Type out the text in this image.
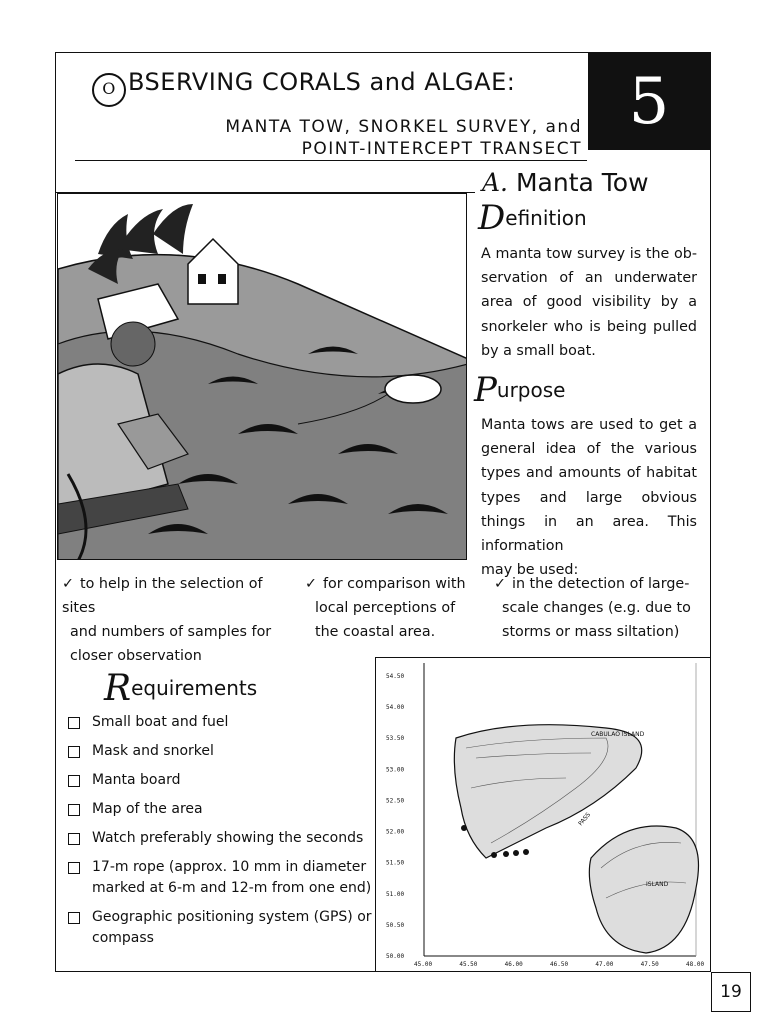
O BSERVING CORALS and ALGAE:
MANTA TOW, SNORKEL SURVEY, and
POINT-INTERCEPT TRANSECT
5
A. Manta Tow
Definition
A manta tow survey is the ob- servation of an underwater area of good visibility by a snorkeler who is being pulled
by a small boat.
Purpose
Manta tows are used to get a general idea of the various types and amounts of habitat types and large obvious things in an area. This information
may be used:
✓ to help in the selection of sites
and numbers of samples for
closer observation
✓ for comparison with
local perceptions of
the coastal area.
✓ in the detection of large-
scale changes (e.g. due to
storms or mass siltation)
Requirements
Small boat and fuel
Mask and snorkel
Manta board
Map of the area
Watch preferably showing the seconds
17-m rope (approx. 10 mm in diameter marked at 6-m and 12-m from one end)
Geographic positioning system (GPS) or compass
54.50
54.00
53.50
53.00
52.50
52.00
51.50
51.00
50.50
50.00
45.00	45.50	46.00	46.50	47.00	47.50	48.00
CABULAO ISLAND
ISLAND
PASS
19
